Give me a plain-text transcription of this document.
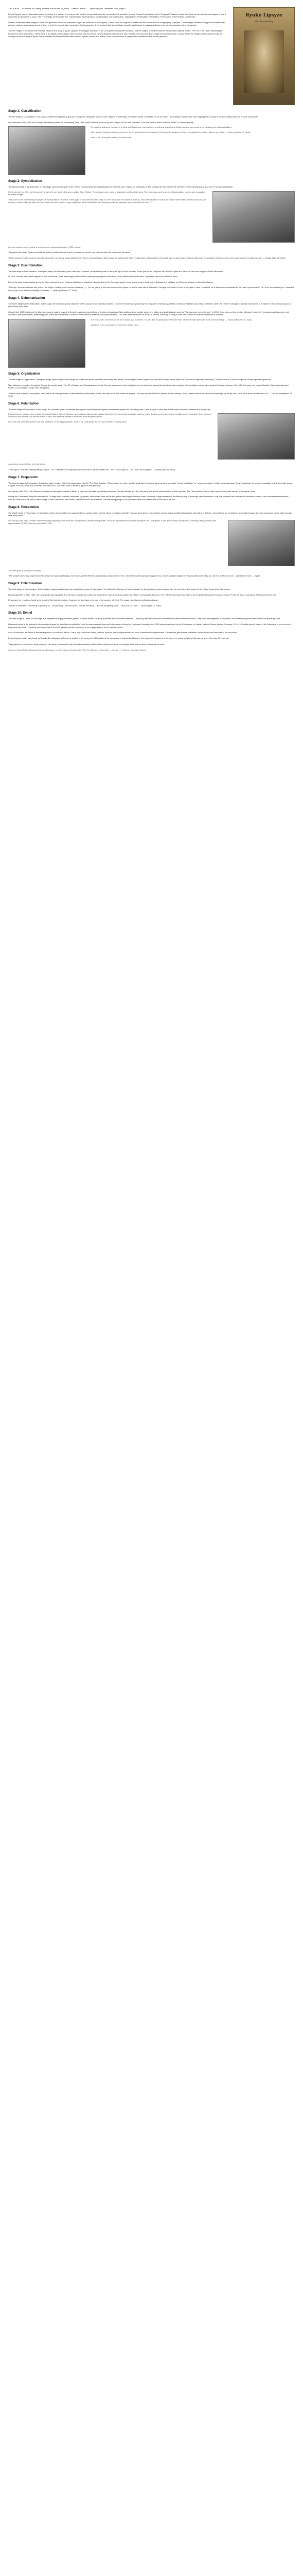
"Oh, to a kill ... To be cold, to a killing, to make sure no one on prison... I need to live on." — Ryuko Lipsyze, December 1941, page 4.

Ryuko Lipsyze was an Auschwitz mother. A mother is a number of survivors who lived to be genocide and who survived in the twentieth century. Research conducted by Dr. Gregory H. Stanton shows that there are ten documented stages of how it is possible for genocide to occur. The "Ten Stages of Genocide" are: Classification, Symbolization, Discrimination, Dehumanization, Organization, Polarization, Preparation, Persecution, Extermination, and Denial.

Stanton developed these stages to show that genocide cannot be committed by just an individual or small group. It must have the support of a state and the cooperation of a large group of people. These stages sometimes happen simultaneously and can continue over a long period of time. In order to prevent future genocides from happening, it is important that we familiarize ourselves with these ten stages and learn how we can recognize them happening.

The Ten Stages of Genocide are reflected clearly in the story of Ryuko Lipsyze, a young girl who lived in the Łódź ghetto during the Holocaust, and the subject of Jewish Museum Amsterdam's special exhibit "The Girl in the Diary: Searching for Ryuko from the Łódź Ghetto." While living in the ghetto, Ryuko kept a diary in which she recorded a moving testament of what she saw. Her first-hand account gives insight into the Holocaust. Looking at the Ten Stages of Genocide through the writing found in the diary of Ryuko Lipsyze makes the Holocaust feel more human. It gives a name and a face to one of the millions of people who experienced this horrific genocide.

Ryuko Lipsyze
The Girl in the Diary
Stage 1: Classification

The first stage is Classification. This stage is defined by separating groups of people by categories such as race, religion, or nationality, in order to create a mentality of "us and them". According to Stanton, the more segregated a society is the more likely there are to have a genocide.

On September 15th, 1935, the German Parliament passed the Nuremberg Race Laws, which defined Jews not by their religion, but as their own race. This was done to make Jews the "other" in German society.

Through the writings in her diary, it is clear that Ryuko very much defined herself as a practicing Orthodox Jew and was proud of her heritage and religious tradition.

"But I declare that God will take care of me. Oh, if I guard that I'm a Jewish girl, that I won't be ashamed of that ... I'm grateful for all that I have to you, God!" — Ryuko (February 2, 1944)

Jews in the Łódź ghetto wearing the yellow star.

Stage 2: Symbolization

The second stage is Symbolization. In this stage, symbols are given to the "other" to accompany the classifications of ethnicity, race, religion, or nationality. These symbols are forced onto the members of the minority group as a form of visual identification.

On September 1st, 1941, all Jews over the age of 6 were ordered to wear a yellow Star of David. These badges were used to stigmatize and humiliate Jews. They were also used as a form of segregation, control, and preparation for further stages.

This is one of the most striking examples of "symbolization." However, these types of laws were enacted early on in the Holocaust. For instance, in 1938, Jews were required to adopt the middle name Israel (for men) and Sara (for women) in order to identify them as Jews. Jews were also forced to carry registration cards that labeled their ancestry, and their passports were stamped with a red "J".

German soldiers stand outside a Jewish-owned business during the 1933 boycott.

Throughout her diary, Ryuko understands that her position is such that if a Jew has no control over her own fate, but can remain the same.

"At this moment I'd like to do so much for the world. I see many, many, defeats and I fear to carry that I can't find a place for myself. And when I realize that I don't matter in the world, that I'm just a speck of dust, that I can't do anything, at this moment, I feel much worse, I'm suffering a lot" — Ryuko (April 25, 1944)

Stage 3: Discrimination

The third stage is Discrimination. During this stage, the dominant group uses laws, customs, and political power to deny the rights of the minority. These groups are not given their full civil rights and often the Jews are stripped of their citizenship.

In 1935, German Jews were stripped of their citizenship. Jews were highly restricted from participating in public education. Many Jewish businesses were "Aryanized" and sold off to non-Jews.

Due to the strict discrimination during the Jews during this time, religious beliefs were altogether disregarded by the German majority. Jews were forced to work on the Sabbath and holidays, and Ryuko's reaction to this is humiliating:

"This day, this holy and calm day, is the Yom Kippur. Ordinary and common weekday (...). For me, going to the work now on Yom Kippur, to be the same day is forbidden. I thought how badly I'm hurt at the gate if I wish I could still, as it had been commanded for me, and I get used to it? Oh, God, do something so I shouldn't have to go to the work on Saturday or Sunday" — Ryuko (February 27, 1944)

Stage 4: Dehumanization

The fourth stage is Dehumanization. In this stage, the dominant group treats the "other" group as second class citizens. Those in the dominant group may be compared to animals, parasites, insects or diseases. According to Stanton, when the "other" is thought of as less than human, it is easier for the dominant group to give control over them.

On April 1st, 1933, leaders of the Nazi government made a boycott of Jewish businesses and offices of Jewish professionals, Nazi soldiers stood outside stores and offices and wrote phrases such as "The Jews are our misfortune" In 1935, Jews were put into ghettos following "protective" measures and Jews were not allowed to use public toilets, swimming pools, parks and universities, as well as from cinemas, theaters, and sports facilities. The Jews were often seen as trash, or vermin, unworthy of living in their own homes and were quarantined to be killed.

"It is to so much. Not here are we not humans, just machines. So, part. But I'm going ahead because that I can't even help and I want to be a human being." — Ryuko (February 20, 1944)

Residents of the Łódź ghetto in front of the ghetto fence.

Stage 5: Organization

The fifth stage is Organization. During this stage, plans for genocide killings are made and armies or militias are armed and trained. According to Stanton, genocides are often created by the state, but can also be organized informally. The Holocaust is a clear example of a state-organized genocide.

Nazi influence expanded throughout Europe during this stage. The SS, Gestapo, and Einsatzgruppen of the German government were being trained to enforce the laws which isolated Jews in ghettos. Concentration camps were created to house prisoners. By 1940, Germany had invaded Austria, Czechoslovakia and Poland. Concentration camps were being built.

"What's more, there is a new ghetto, the Chief of the Gestapo wants to dismantle the whole district (that's how they call it) and divide the people... I'm very scared and full of despair, I have nothing. I'm so stressed about the work and everything. My family and I don't know what will become of us." — Ryuko (September 16, 1942)

Stage 6: Polarization

The sixth stage is Polarization. In this stage, the dominant group broadcasts propaganda that reinforces negative stereotypes against the minority groups. Laws are put in place that forbid social interaction between the two groups.

During this time, ghettos were created throughout Eastern Europe. Ghettos were enclosed districts that isolated Jews from the non-Jewish population and from other Jewish communities. Living conditions were miserable. Jews were not allowed to own animals, not allowed to ride in cars, and were not allowed to leave and enter the ghetto at will.

Lódź was one of the first ghettos and was located in a Lódź city population. Jews in the Lódź ghetto did not have access to running water.

Jews being deported from the Łódź ghetto.

"I can't go on. But with a strong feeling of guilt ... Oh, I feel that I'm losing more and more into a nervous state and... and... I can't get out... but I won't let it happen!" — Ryuko (April 11, 1944)

Stage 7: Preparation

The seventh stage is Preparation. During this stage, leaders of the dominant group plan for "The Final Solution." Euphemisms are often used to cloak their intentions, such as using terms like "ethnic purification" or "counter-terrorism" to hide genocidal plans. They indoctrinate the general population to fear the victim group. Slogans such as, "If we don't kill them, they will kill us," are often used to recruit support for the genocide.

On January 20th, 1942, the Wannsee Conference took place outside of Berlin. It was here that Nazi top officials presented German officials and the Nazi party with a final solution to the Jewish question. The "final solution" was a code name for the mass murder of European Jews.

During the Conference, Heydrich announced: "In large labor columns, separated by gender, able-bodied Jews will be brought to these regions to build roads, whereby a large number will doubtlessly drop out through natural reduction. Any final remnant that survives will doubtless consist of the most resistant elements... " Now the Jews would be sent to labor camps to work until death, with those unable to work to be murdered. The remaining groups to be liquidated were to be eradicated at the end of the war.

Stage 8: Persecution

The eighth stage is Persecution. In this stage, victims are identified and separated from society based on their ethnic or religious identity. They are deported to concentration camps and genocidal killings begin. According to Stanton, these killings are considered genocidal because they are sanctioned by the state through laws and policies.

On January 20th, 1942, German authorities began deporting Jews from the Łódź ghetto to Chełmno killing center. The mass deportations took place throughout the Lódź ghetto. It was an incredibly crowded and unsanitary living condition and approximately 70,000 Jews were deported in 1942.

The main gate at Auschwitz-Birkenau.

"The people have many bright memories, how much pain and longing, how much anxiety! Please say good-bye, please write to me. I don't know what's going to happen to us, what's going to happen on this beautiful world. Why do I have to suffer so much... I don't even know" — Ryuko

Stage 9: Extermination

The ninth stage is Extermination. Extermination begins and becomes the mass killing known as "genocide." It is defined by Stanton as "extermination" by the dominant group because they do not believe the victims of the "other" group to be fully human.

From August 9th to 29th, 1944, the Łódź ghetto was liquidated and the last residents were deported. Most of the Jews in the Łódź ghetto were taken to Auschwitz-Birkenau. The 175,000 Jews that once lived in the Łódź ghetto had been reduced to just 77,000. Of those, only about 5,000 survived the war.

Ryuko and her remaining family were a part of this final deportation. However, her last diary entry was in the summer of 1944. The reason she stopped writing is unknown.

"We are in darkness... somebody is pushing us... and pushing... we can't wait ... we are shrinking ... and we are getting stuck ... Now, trust in God!" — Ryuko (April 13, 1944)

Stage 10: Denial

The tenth stage is Denial. In this stage, the perpetrators dig up the mass graves, burn the bodies, cover up evidence and intimidate witnesses. They deny that any crime was committed and often blame the victims. They block investigations of the crime, and continue to govern until driven from power by force.

Holocaust denial is the attempt to deny and/or change the atrocities committed by Nazi Germany against Jews and other groups during the Holocaust. According to a 2018 survey conducted by the Conference on Jewish Material Claims Against Germany, 11% of US adults haven't heard of the Holocaust or are not sure if they have heard of it. The study also found that 22% of US adults found the Holocaust to be exaggerated or not to have been real.

Lack of Holocaust education is the leading cause of Holocaust denial. That is why Holocaust diaries, such as Ryuko's, are so important and so much continue to be experienced. Their stories give names and faces to both victims and survivors of the Holocaust.

Ryuko Lipsyze's diary was found by Rosalia Benedikowna, a Red Army soldier, in the spring of 1945 outside of the crematoria in Auschwitz-Birkenau. It is a powerful testament to the story of a young girl whose life was cut short. She was 20 years old.

This project is a memorial to Ryuko Lipsyze. Her story is a reminder that behind the numbers of the victims of genocide were real people, each with a name, a family and a voice.

Sources: United States Holocaust Memorial Museum, Jewish Museum Amsterdam, "The Ten Stages of Genocide" — Gregory H. Stanton, Genocide Watch.
